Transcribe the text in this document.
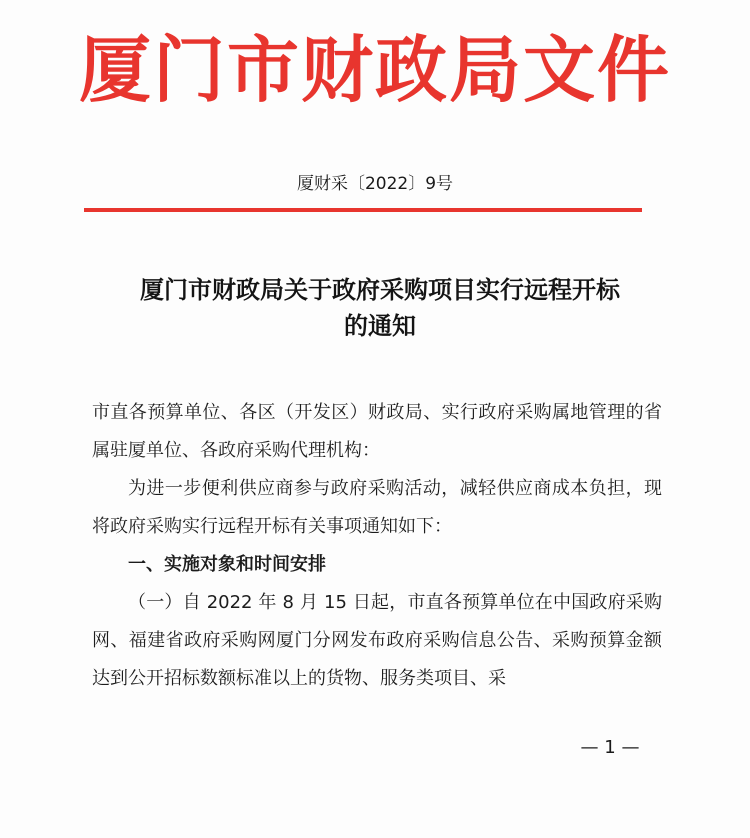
厦门市财政局文件
厦财采〔2022〕9号
厦门市财政局关于政府采购项目实行远程开标
的通知

市直各预算单位、各区（开发区）财政局、实行政府采购属地管理的省属驻厦单位、各政府采购代理机构：

为进一步便利供应商参与政府采购活动，减轻供应商成本负担，现将政府采购实行远程开标有关事项通知如下：

一、实施对象和时间安排

（一）自 2022 年 8 月 15 日起，市直各预算单位在中国政府采购网、福建省政府采购网厦门分网发布政府采购信息公告、采购预算金额达到公开招标数额标准以上的货物、服务类项目、采

— 1 —
